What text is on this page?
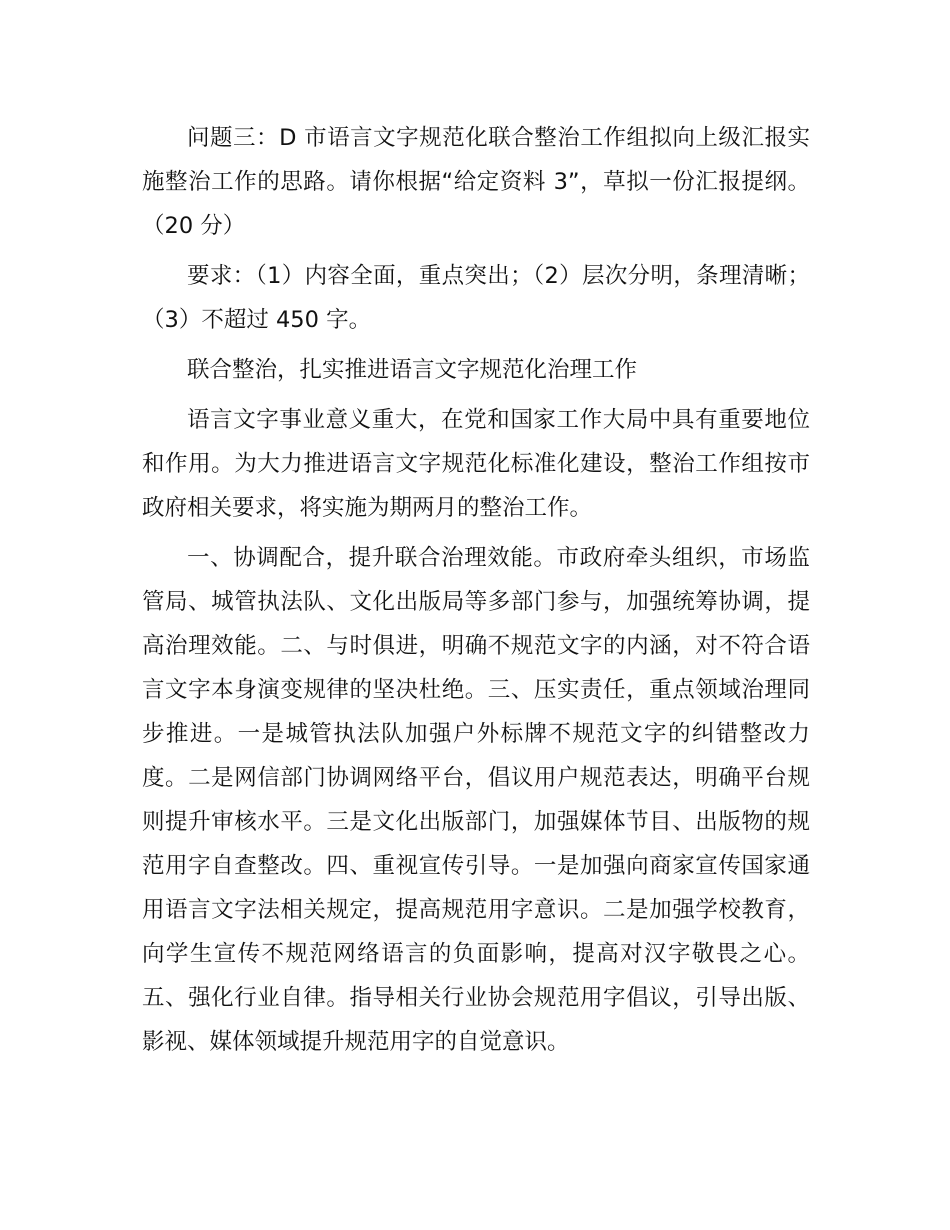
问题三：D 市语言文字规范化联合整治工作组拟向上级汇报实施整治工作的思路。请你根据“给定资料 3”，草拟一份汇报提纲。（20 分）

要求：（1）内容全面，重点突出；（2）层次分明，条理清晰；（3）不超过 450 字。

联合整治，扎实推进语言文字规范化治理工作

语言文字事业意义重大，在党和国家工作大局中具有重要地位和作用。为大力推进语言文字规范化标准化建设，整治工作组按市政府相关要求，将实施为期两月的整治工作。

一、协调配合，提升联合治理效能。市政府牵头组织，市场监管局、城管执法队、文化出版局等多部门参与，加强统筹协调，提高治理效能。二、与时俱进，明确不规范文字的内涵，对不符合语言文字本身演变规律的坚决杜绝。三、压实责任，重点领域治理同步推进。一是城管执法队加强户外标牌不规范文字的纠错整改力度。二是网信部门协调网络平台，倡议用户规范表达，明确平台规则提升审核水平。三是文化出版部门，加强媒体节目、出版物的规范用字自查整改。四、重视宣传引导。一是加强向商家宣传国家通用语言文字法相关规定，提高规范用字意识。二是加强学校教育，向学生宣传不规范网络语言的负面影响，提高对汉字敬畏之心。五、强化行业自律。指导相关行业协会规范用字倡议，引导出版、影视、媒体领域提升规范用字的自觉意识。
